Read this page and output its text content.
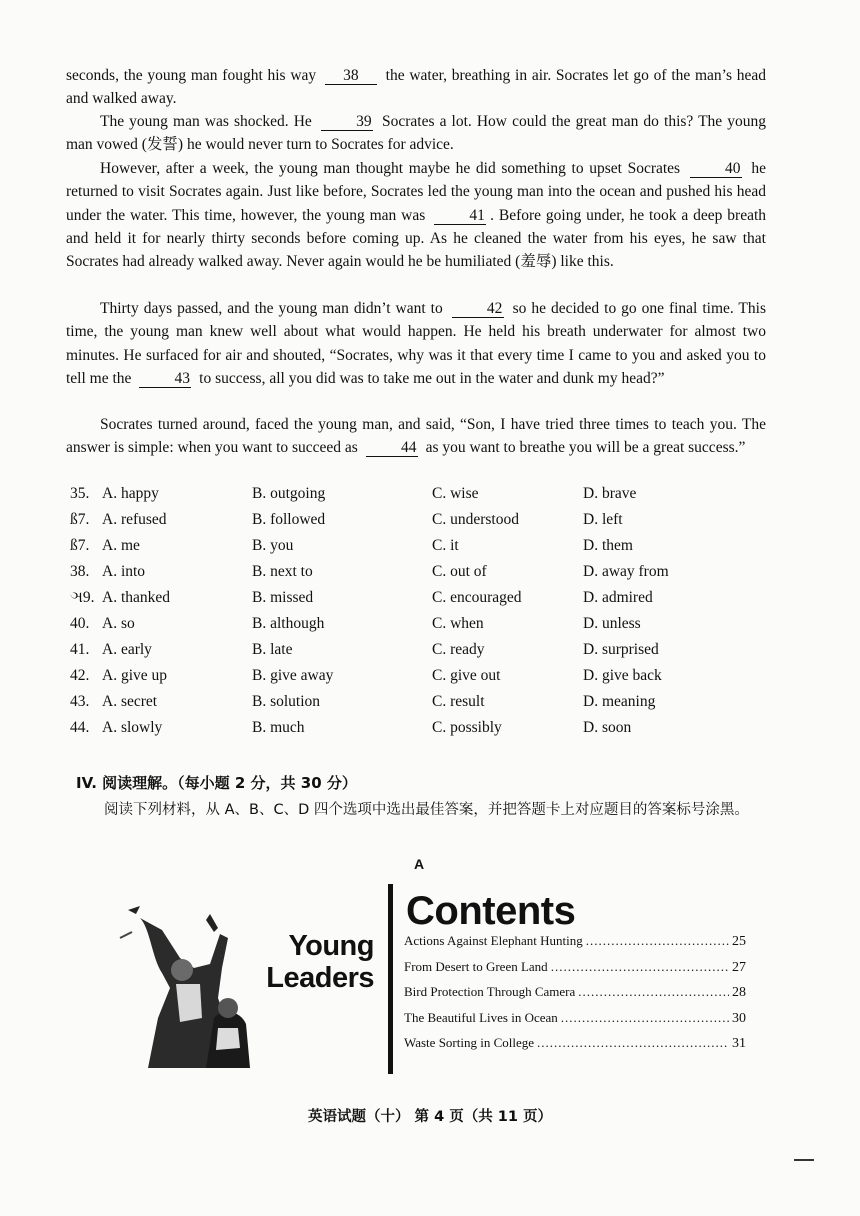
seconds, the young man fought his way 38 the water, breathing in air. Socrates let go of the man’s head and walked away.
The young man was shocked. He	39 Socrates a lot. How could the great man do this? The young man vowed (发誓) he would never turn to Socrates for advice.
However, after a week, the young man thought maybe he did something to upset Socrates	40 he returned to visit Socrates again. Just like before, Socrates led the young man into the ocean and pushed his head under the water. This time, however, the young man was	41 . Before going under, he took a deep breath and held it for nearly thirty seconds before coming up. As he cleaned the water from his eyes, he saw that Socrates had already walked away. Never again would he be humiliated (羞辱) like this.
Thirty days passed, and the young man didn’t want to	42 so he decided to go one final time. This time, the young man knew well about what would happen. He held his breath underwater for almost two minutes. He surfaced for air and shouted, “Socrates, why was it that every time I came to you and asked you to tell me the	43 to success, all you did was to take me out in the water and dunk my head?”
Socrates turned around, faced the young man, and said, “Son, I have tried three times to teach you. The answer is simple: when you want to succeed as	44 as you want to breathe you will be a great success.”
35. A. happy	B. outgoing	C. wise	D. brave
ß7. A. refused	B. followed	C. understood	D. left
ß7. A. me	B. you	C. it	D. them
38. A. into	B. next to	C. out of	D. away from
ઞ9. A. thanked	B. missed	C. encouraged	D. admired
40. A. so	B. although	C. when	D. unless
41. A. early	B. late	C. ready	D. surprised
42. A. give up	B. give away	C. give out	D. give back
43. A. secret	B. solution	C. result	D. meaning
44. A. slowly	B. much	C. possibly	D. soon
IV. 阅读理解。（每小题 2 分，共 30 分）
阅读下列材料，从 A、B、C、D 四个选项中选出最佳答案，并把答题卡上对应题目的答案标号涂黑。
A
Young
Leaders
Contents
Actions Against Elephant Hunting .....	25
From Desert to Green Land .....	27
Bird Protection Through Camera .....	28
The Beautiful Lives in Ocean .....	30
Waste Sorting in College .....	31
英语试题（十） 第 4 页（共 11 页）
